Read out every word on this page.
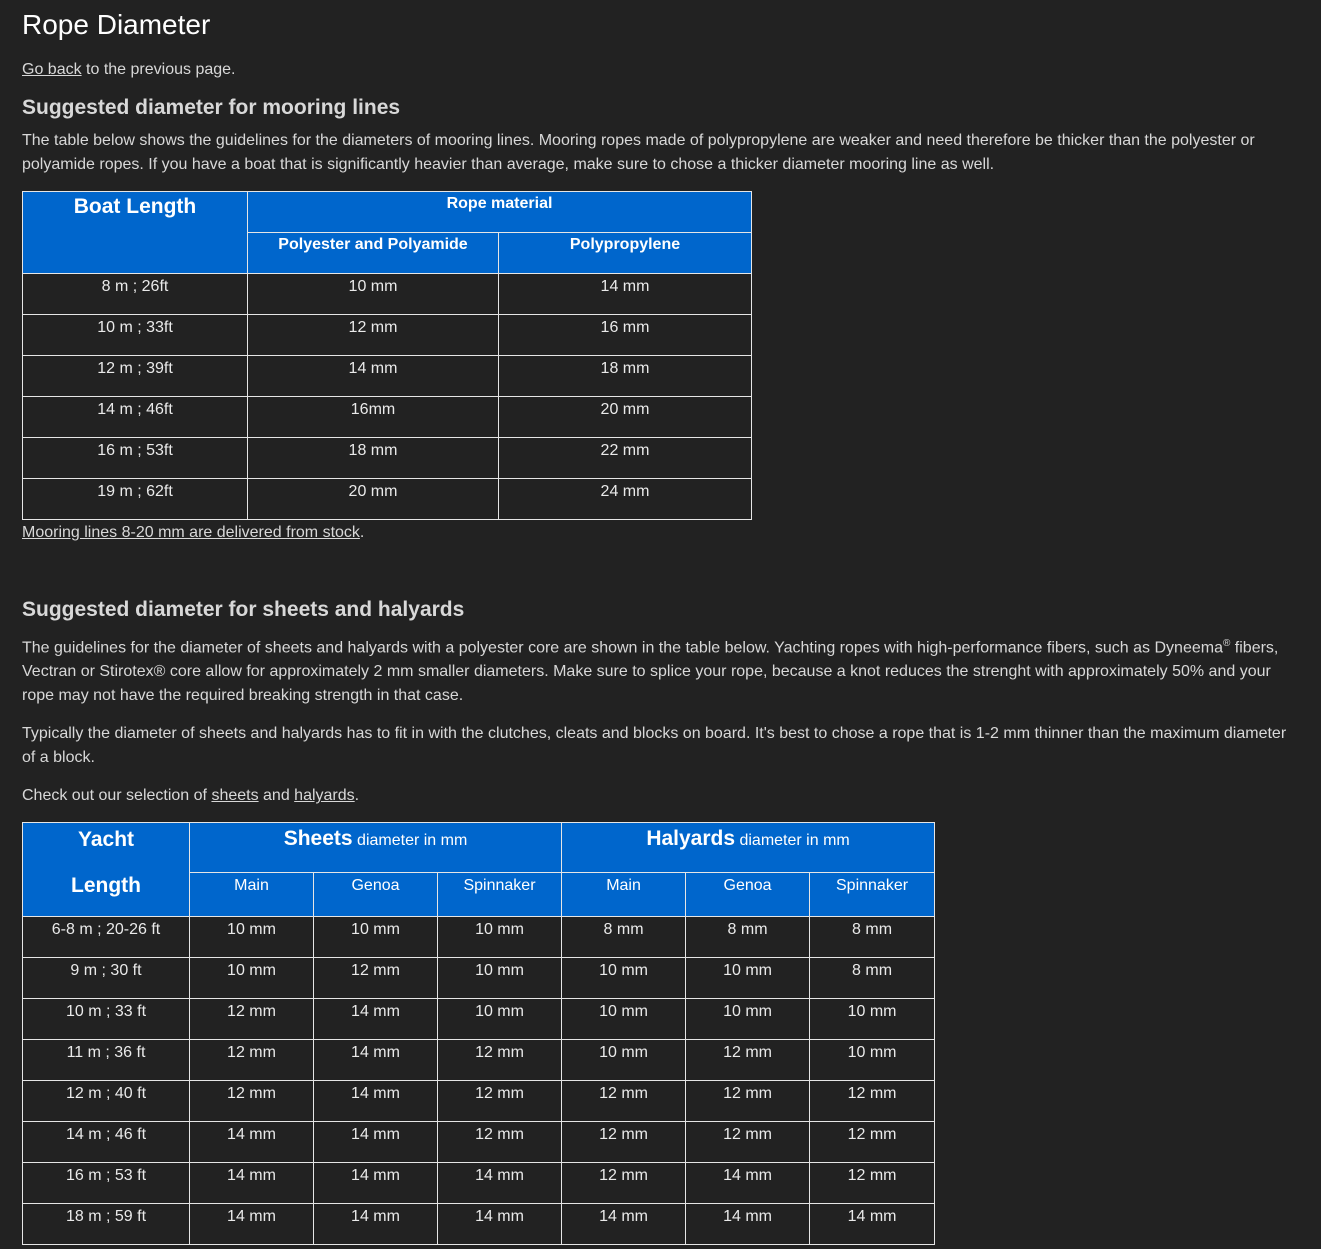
Rope Diameter

Go back to the previous page.

Suggested diameter for mooring lines

The table below shows the guidelines for the diameters of mooring lines. Mooring ropes made of polypropylene are weaker and need therefore be thicker than the polyester or polyamide ropes. If you have a boat that is significantly heavier than average, make sure to chose a thicker diameter mooring line as well.

Boat Length	Rope material	
	Polyester and Polyamide	Polypropylene
8 m ; 26ft	10 mm	14 mm
10 m ; 33ft	12 mm	16 mm
12 m ; 39ft	14 mm	18 mm
14 m ; 46ft	16mm	20 mm
16 m ; 53ft	18 mm	22 mm
19 m ; 62ft	20 mm	24 mm

Mooring lines 8-20 mm are delivered from stock.

Suggested diameter for sheets and halyards

The guidelines for the diameter of sheets and halyards with a polyester core are shown in the table below. Yachting ropes with high-performance fibers, such as Dyneema® fibers, Vectran or Stirotex® core allow for approximately 2 mm smaller diameters. Make sure to splice your rope, because a knot reduces the strenght with approximately 50% and your rope may not have the required breaking strength in that case.

Typically the diameter of sheets and halyards has to fit in with the clutches, cleats and blocks on board. It's best to chose a rope that is 1-2 mm thinner than the maximum diameter of a block.

Check out our selection of sheets and halyards.

Yacht
Length	Sheets diameter in mm			Halyards diameter in mm		
	Main	Genoa	Spinnaker	Main	Genoa	Spinnaker
6-8 m ; 20-26 ft	10 mm	10 mm	10 mm	8 mm	8 mm	8 mm
9 m ; 30 ft	10 mm	12 mm	10 mm	10 mm	10 mm	8 mm
10 m ; 33 ft	12 mm	14 mm	10 mm	10 mm	10 mm	10 mm
11 m ; 36 ft	12 mm	14 mm	12 mm	10 mm	12 mm	10 mm
12 m ; 40 ft	12 mm	14 mm	12 mm	12 mm	12 mm	12 mm
14 m ; 46 ft	14 mm	14 mm	12 mm	12 mm	12 mm	12 mm
16 m ; 53 ft	14 mm	14 mm	14 mm	12 mm	14 mm	12 mm
18 m ; 59 ft	14 mm	14 mm	14 mm	14 mm	14 mm	14 mm
